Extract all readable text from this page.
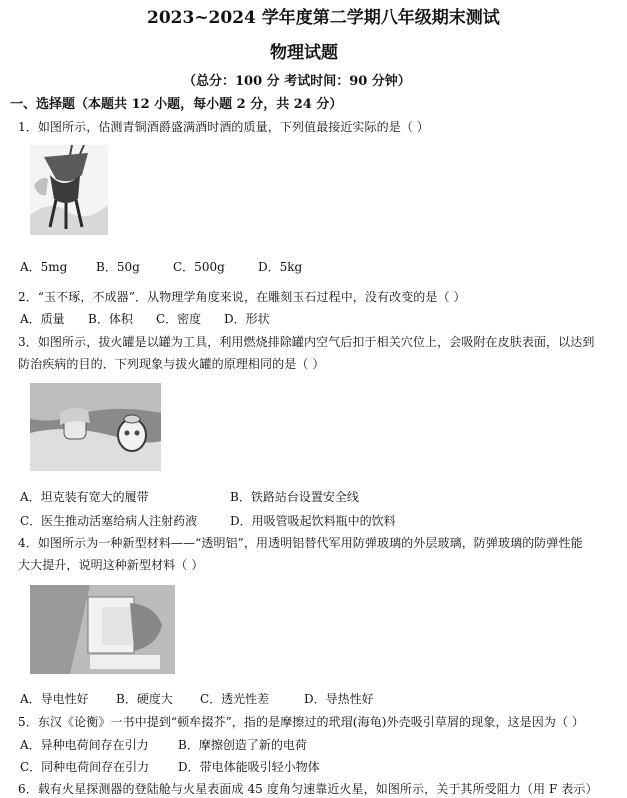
2023~2024 学年度第二学期八年级期末测试
物理试题
（总分：100 分 考试时间：90 分钟）
一、选择题（本题共 12 小题，每小题 2 分，共 24 分）
1．如图所示，估测青铜酒爵盛满酒时酒的质量，下列值最接近实际的是（ ）
A．5mg B．50g	C．500g	D．5kg
2．“玉不琢，不成器”．从物理学角度来说，在雕刻玉石过程中，没有改变的是（ ）
A．质量 B．体积 C．密度 D．形状
3．如图所示，拔火罐是以罐为工具，利用燃烧排除罐内空气后扣于相关穴位上，会吸附在皮肤表面，以达到
防治疾病的目的．下列现象与拔火罐的原理相同的是（ ）
A．坦克装有宽大的履带	B．铁路站台设置安全线
C．医生推动活塞给病人注射药液	D．用吸管吸起饮料瓶中的饮料
4．如图所示为一种新型材料——“透明铝”，用透明铝替代军用防弹玻璃的外层玻璃，防弹玻璃的防弹性能
大大提升，说明这种新型材料（ ）
A．导电性好 B．硬度大 C．透光性差	D．导热性好
5．东汉《论衡》一书中提到“顿牟掇芥”，指的是摩擦过的玳瑁(海龟)外壳吸引草屑的现象，这是因为（ ）
A．异种电荷间存在引力 B．摩擦创造了新的电荷
C．同种电荷间存在引力 D．带电体能吸引轻小物体
6．载有火星探测器的登陆舱与火星表面成 45 度角匀速靠近火星，如图所示，关于其所受阻力（用 F 表示）
